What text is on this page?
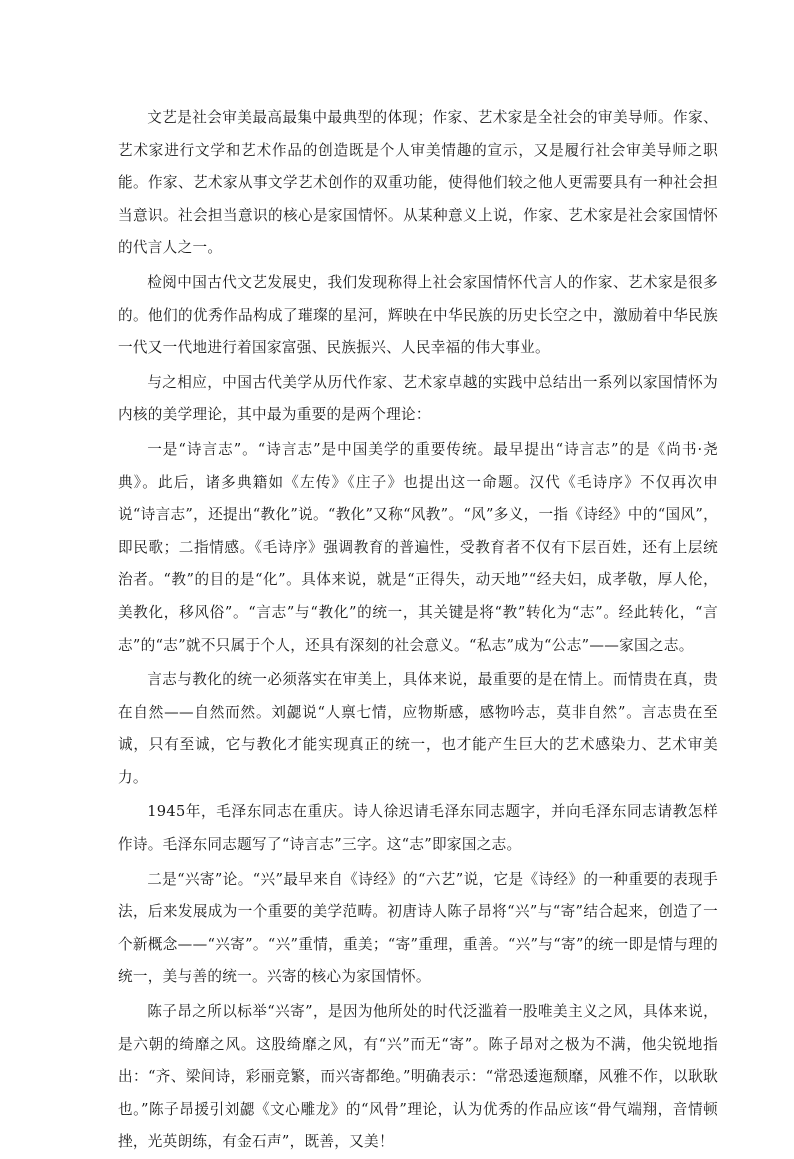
文艺是社会审美最高最集中最典型的体现；作家、艺术家是全社会的审美导师。作家、艺术家进行文学和艺术作品的创造既是个人审美情趣的宣示，又是履行社会审美导师之职能。作家、艺术家从事文学艺术创作的双重功能，使得他们较之他人更需要具有一种社会担当意识。社会担当意识的核心是家国情怀。从某种意义上说，作家、艺术家是社会家国情怀的代言人之一。

检阅中国古代文艺发展史，我们发现称得上社会家国情怀代言人的作家、艺术家是很多的。他们的优秀作品构成了璀璨的星河，辉映在中华民族的历史长空之中，激励着中华民族一代又一代地进行着国家富强、民族振兴、人民幸福的伟大事业。

与之相应，中国古代美学从历代作家、艺术家卓越的实践中总结出一系列以家国情怀为内核的美学理论，其中最为重要的是两个理论：

一是“诗言志”。“诗言志”是中国美学的重要传统。最早提出“诗言志”的是《尚书·尧典》。此后，诸多典籍如《左传》《庄子》也提出这一命题。汉代《毛诗序》不仅再次申说“诗言志”，还提出“教化”说。“教化”又称“风教”。“风”多义，一指《诗经》中的“国风”，即民歌；二指情感。《毛诗序》强调教育的普遍性，受教育者不仅有下层百姓，还有上层统治者。“教”的目的是“化”。具体来说，就是“正得失，动天地”“经夫妇，成孝敬，厚人伦，美教化，移风俗”。“言志”与“教化”的统一，其关键是将“教”转化为“志”。经此转化，“言志”的“志”就不只属于个人，还具有深刻的社会意义。“私志”成为“公志”——家国之志。

言志与教化的统一必须落实在审美上，具体来说，最重要的是在情上。而情贵在真，贵在自然——自然而然。刘勰说“人禀七情，应物斯感，感物吟志，莫非自然”。言志贵在至诚，只有至诚，它与教化才能实现真正的统一，也才能产生巨大的艺术感染力、艺术审美力。

1945年，毛泽东同志在重庆。诗人徐迟请毛泽东同志题字，并向毛泽东同志请教怎样作诗。毛泽东同志题写了“诗言志”三字。这“志”即家国之志。

二是“兴寄”论。“兴”最早来自《诗经》的“六艺”说，它是《诗经》的一种重要的表现手法，后来发展成为一个重要的美学范畴。初唐诗人陈子昂将“兴”与“寄”结合起来，创造了一个新概念——“兴寄”。“兴”重情，重美；“寄”重理，重善。“兴”与“寄”的统一即是情与理的统一，美与善的统一。兴寄的核心为家国情怀。

陈子昂之所以标举“兴寄”，是因为他所处的时代泛滥着一股唯美主义之风，具体来说，是六朝的绮靡之风。这股绮靡之风，有“兴”而无“寄”。陈子昂对之极为不满，他尖锐地指出：“齐、梁间诗，彩丽竞繁，而兴寄都绝。”明确表示：“常恐逶迤颓靡，风雅不作，以耿耿也。”陈子昂援引刘勰《文心雕龙》的“风骨”理论，认为优秀的作品应该“骨气端翔，音情顿挫，光英朗练，有金石声”，既善，又美！
